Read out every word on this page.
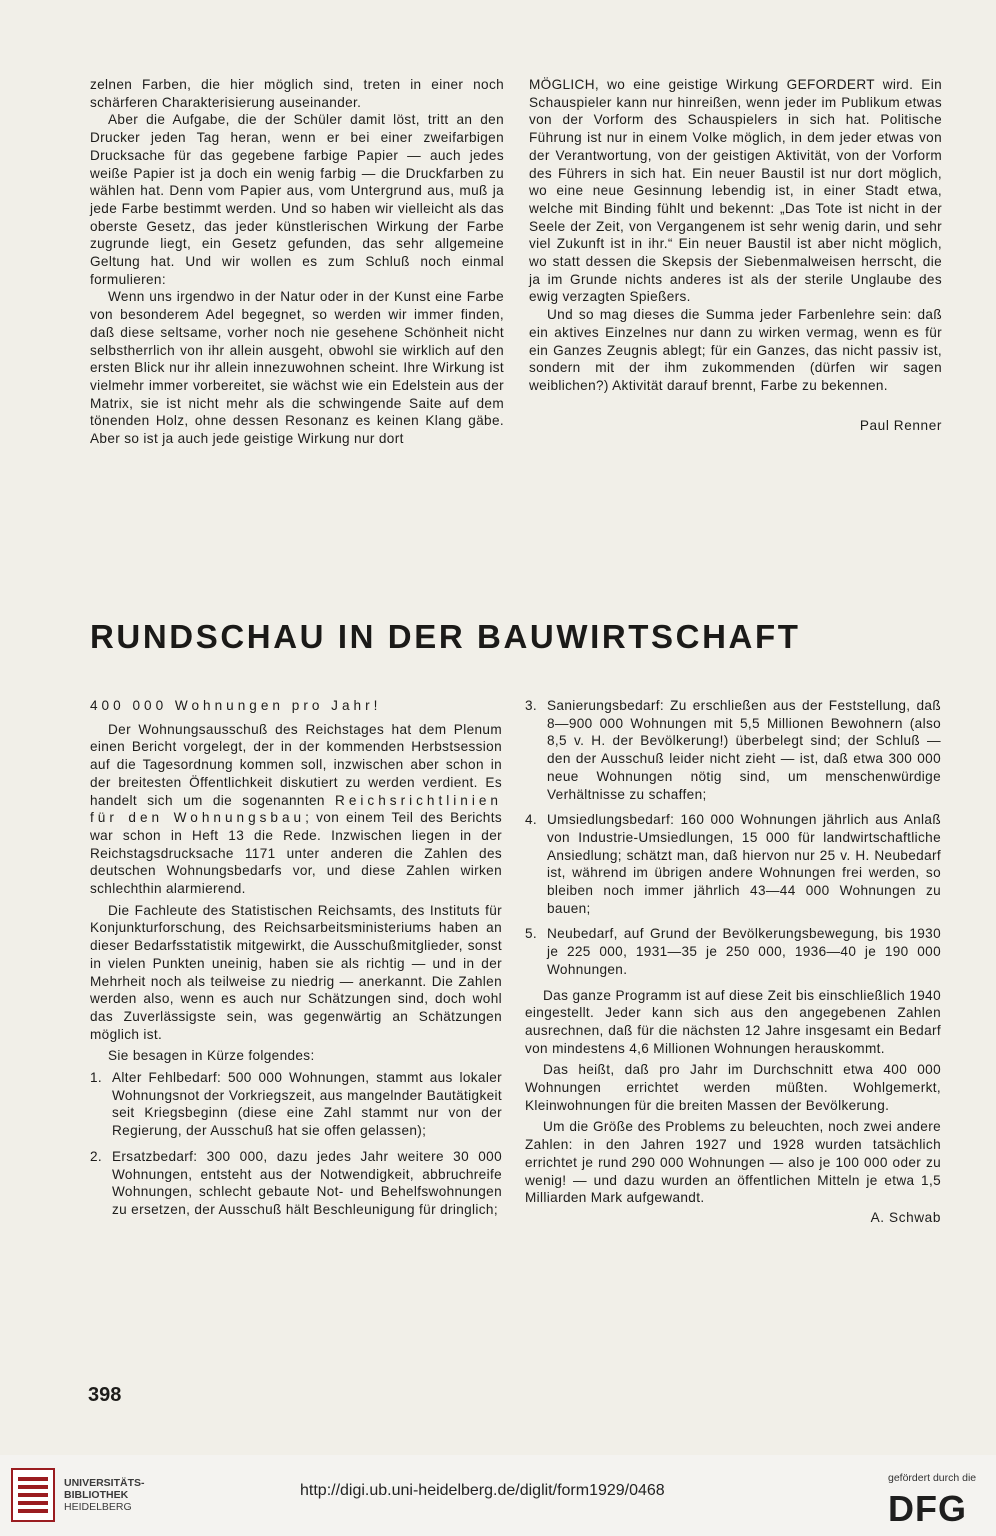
zelnen Farben, die hier möglich sind, treten in einer noch schärferen Charakterisierung auseinander.

Aber die Aufgabe, die der Schüler damit löst, tritt an den Drucker jeden Tag heran, wenn er bei einer zweifarbigen Drucksache für das gegebene farbige Papier — auch jedes weiße Papier ist ja doch ein wenig farbig — die Druckfarben zu wählen hat. Denn vom Papier aus, vom Untergrund aus, muß ja jede Farbe bestimmt werden. Und so haben wir vielleicht als das oberste Gesetz, das jeder künstlerischen Wirkung der Farbe zugrunde liegt, ein Gesetz gefunden, das sehr allgemeine Geltung hat. Und wir wollen es zum Schluß noch einmal formulieren:

Wenn uns irgendwo in der Natur oder in der Kunst eine Farbe von besonderem Adel begegnet, so werden wir immer finden, daß diese seltsame, vorher noch nie gesehene Schönheit nicht selbstherrlich von ihr allein ausgeht, obwohl sie wirklich auf den ersten Blick nur ihr allein innezuwohnen scheint. Ihre Wirkung ist vielmehr immer vorbereitet, sie wächst wie ein Edelstein aus der Matrix, sie ist nicht mehr als die schwingende Saite auf dem tönenden Holz, ohne dessen Resonanz es keinen Klang gäbe. Aber so ist ja auch jede geistige Wirkung nur dort

MÖGLICH, wo eine geistige Wirkung GEFORDERT wird. Ein Schauspieler kann nur hinreißen, wenn jeder im Publikum etwas von der Vorform des Schauspielers in sich hat. Politische Führung ist nur in einem Volke möglich, in dem jeder etwas von der Verantwortung, von der geistigen Aktivität, von der Vorform des Führers in sich hat. Ein neuer Baustil ist nur dort möglich, wo eine neue Gesinnung lebendig ist, in einer Stadt etwa, welche mit Binding fühlt und bekennt: „Das Tote ist nicht in der Seele der Zeit, von Vergangenem ist sehr wenig darin, und sehr viel Zukunft ist in ihr.“ Ein neuer Baustil ist aber nicht möglich, wo statt dessen die Skepsis der Siebenmalweisen herrscht, die ja im Grunde nichts anderes ist als der sterile Unglaube des ewig verzagten Spießers.

Und so mag dieses die Summa jeder Farbenlehre sein: daß ein aktives Einzelnes nur dann zu wirken vermag, wenn es für ein Ganzes Zeugnis ablegt; für ein Ganzes, das nicht passiv ist, sondern mit der ihm zukommenden (dürfen wir sagen weiblichen?) Aktivität darauf brennt, Farbe zu bekennen.

Paul Renner

RUNDSCHAU IN DER BAUWIRTSCHAFT

400 000 Wohnungen pro Jahr!

Der Wohnungsausschuß des Reichstages hat dem Plenum einen Bericht vorgelegt, der in der kommenden Herbstsession auf die Tagesordnung kommen soll, inzwischen aber schon in der breitesten Öffentlichkeit diskutiert zu werden verdient. Es handelt sich um die sogenannten Reichsrichtlinien für den Wohnungsbau; von einem Teil des Berichts war schon in Heft 13 die Rede. Inzwischen liegen in der Reichstagsdrucksache 1171 unter anderen die Zahlen des deutschen Wohnungsbedarfs vor, und diese Zahlen wirken schlechthin alarmierend.

Die Fachleute des Statistischen Reichsamts, des Instituts für Konjunkturforschung, des Reichsarbeitsministeriums haben an dieser Bedarfsstatistik mitgewirkt, die Ausschußmitglieder, sonst in vielen Punkten uneinig, haben sie als richtig — und in der Mehrheit noch als teilweise zu niedrig — anerkannt. Die Zahlen werden also, wenn es auch nur Schätzungen sind, doch wohl das Zuverlässigste sein, was gegenwärtig an Schätzungen möglich ist.

Sie besagen in Kürze folgendes:

1. Alter Fehlbedarf: 500 000 Wohnungen, stammt aus lokaler Wohnungsnot der Vorkriegszeit, aus mangelnder Bautätigkeit seit Kriegsbeginn (diese eine Zahl stammt nur von der Regierung, der Ausschuß hat sie offen gelassen);
2. Ersatzbedarf: 300 000, dazu jedes Jahr weitere 30 000 Wohnungen, entsteht aus der Notwendigkeit, abbruchreife Wohnungen, schlecht gebaute Not- und Behelfswohnungen zu ersetzen, der Ausschuß hält Beschleunigung für dringlich;
3. Sanierungsbedarf: Zu erschließen aus der Feststellung, daß 8—900 000 Wohnungen mit 5,5 Millionen Bewohnern (also 8,5 v. H. der Bevölkerung!) überbelegt sind; der Schluß — den der Ausschuß leider nicht zieht — ist, daß etwa 300 000 neue Wohnungen nötig sind, um menschenwürdige Verhältnisse zu schaffen;
4. Umsiedlungsbedarf: 160 000 Wohnungen jährlich aus Anlaß von Industrie-Umsiedlungen, 15 000 für landwirtschaftliche Ansiedlung; schätzt man, daß hiervon nur 25 v. H. Neubedarf ist, während im übrigen andere Wohnungen frei werden, so bleiben noch immer jährlich 43—44 000 Wohnungen zu bauen;
5. Neubedarf, auf Grund der Bevölkerungsbewegung, bis 1930 je 225 000, 1931—35 je 250 000, 1936—40 je 190 000 Wohnungen.

Das ganze Programm ist auf diese Zeit bis einschließlich 1940 eingestellt. Jeder kann sich aus den angegebenen Zahlen ausrechnen, daß für die nächsten 12 Jahre insgesamt ein Bedarf von mindestens 4,6 Millionen Wohnungen herauskommt.

Das heißt, daß pro Jahr im Durchschnitt etwa 400 000 Wohnungen errichtet werden müßten. Wohlgemerkt, Kleinwohnungen für die breiten Massen der Bevölkerung.

Um die Größe des Problems zu beleuchten, noch zwei andere Zahlen: in den Jahren 1927 und 1928 wurden tatsächlich errichtet je rund 290 000 Wohnungen — also je 100 000 oder zu wenig! — und dazu wurden an öffentlichen Mitteln je etwa 1,5 Milliarden Mark aufgewandt.

A. Schwab

398
UNIVERSITÄTS-
BIBLIOTHEK
HEIDELBERG
http://digi.ub.uni-heidelberg.de/diglit/form1929/0468
gefördert durch die
DFG
